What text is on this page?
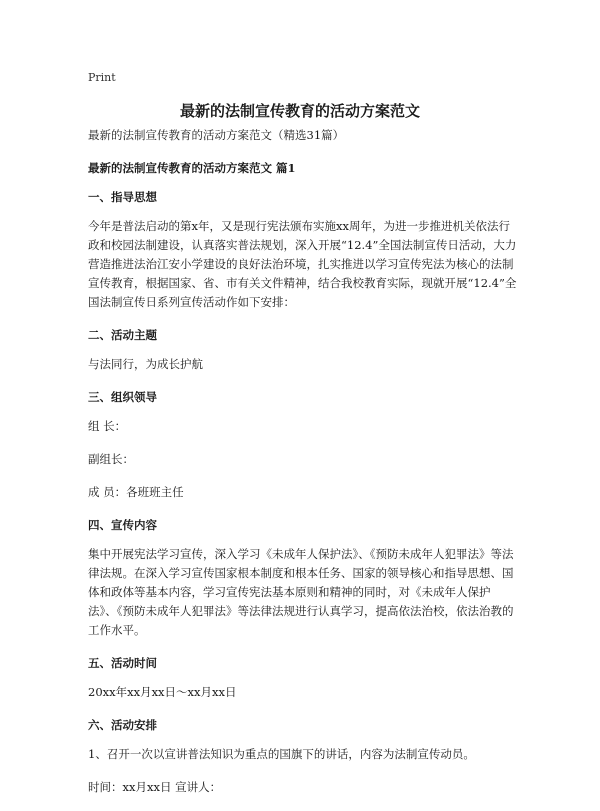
Print
最新的法制宣传教育的活动方案范文

最新的法制宣传教育的活动方案范文（精选31篇）

最新的法制宣传教育的活动方案范文 篇1

一、指导思想

今年是普法启动的第x年，又是现行宪法颁布实施xx周年，为进一步推进机关依法行政和校园法制建设，认真落实普法规划，深入开展“12.4”全国法制宣传日活动，大力营造推进法治江安小学建设的良好法治环境，扎实推进以学习宣传宪法为核心的法制宣传教育，根据国家、省、市有关文件精神，结合我校教育实际，现就开展“12.4”全国法制宣传日系列宣传活动作如下安排：

二、活动主题

与法同行，为成长护航

三、组织领导

组 长：

副组长：

成 员：各班班主任

四、宣传内容

集中开展宪法学习宣传，深入学习《未成年人保护法》、《预防未成年人犯罪法》等法律法规。在深入学习宣传国家根本制度和根本任务、国家的领导核心和指导思想、国体和政体等基本内容，学习宣传宪法基本原则和精神的同时，对《未成年人保护法》、《预防未成年人犯罪法》等法律法规进行认真学习，提高依法治校，依法治教的工作水平。

五、活动时间

20xx年xx月xx日～xx月xx日

六、活动安排

1、召开一次以宣讲普法知识为重点的国旗下的讲话，内容为法制宣传动员。

时间：xx月xx日 宣讲人：
